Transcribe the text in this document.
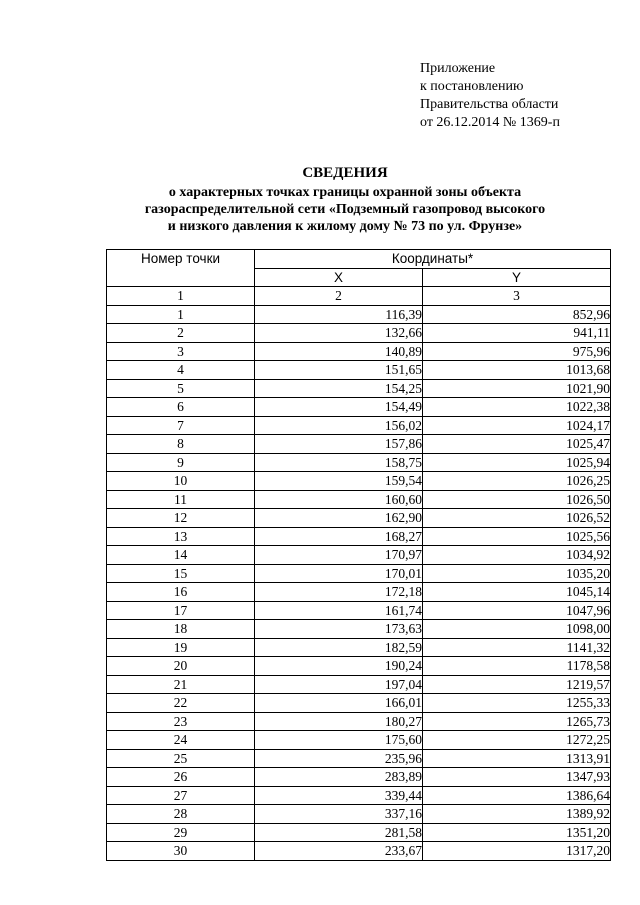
Приложение
к постановлению
Правительства области
от 26.12.2014 № 1369-п
СВЕДЕНИЯ
о характерных точках границы охранной зоны объекта
газораспределительной сети «Подземный газопровод высокого
и низкого давления к жилому дому № 73 по ул. Фрунзе»
Номер точки	Координаты*	
	X	Y
1	2	3
1	116,39	852,96
2	132,66	941,11
3	140,89	975,96
4	151,65	1013,68
5	154,25	1021,90
6	154,49	1022,38
7	156,02	1024,17
8	157,86	1025,47
9	158,75	1025,94
10	159,54	1026,25
11	160,60	1026,50
12	162,90	1026,52
13	168,27	1025,56
14	170,97	1034,92
15	170,01	1035,20
16	172,18	1045,14
17	161,74	1047,96
18	173,63	1098,00
19	182,59	1141,32
20	190,24	1178,58
21	197,04	1219,57
22	166,01	1255,33
23	180,27	1265,73
24	175,60	1272,25
25	235,96	1313,91
26	283,89	1347,93
27	339,44	1386,64
28	337,16	1389,92
29	281,58	1351,20
30	233,67	1317,20
